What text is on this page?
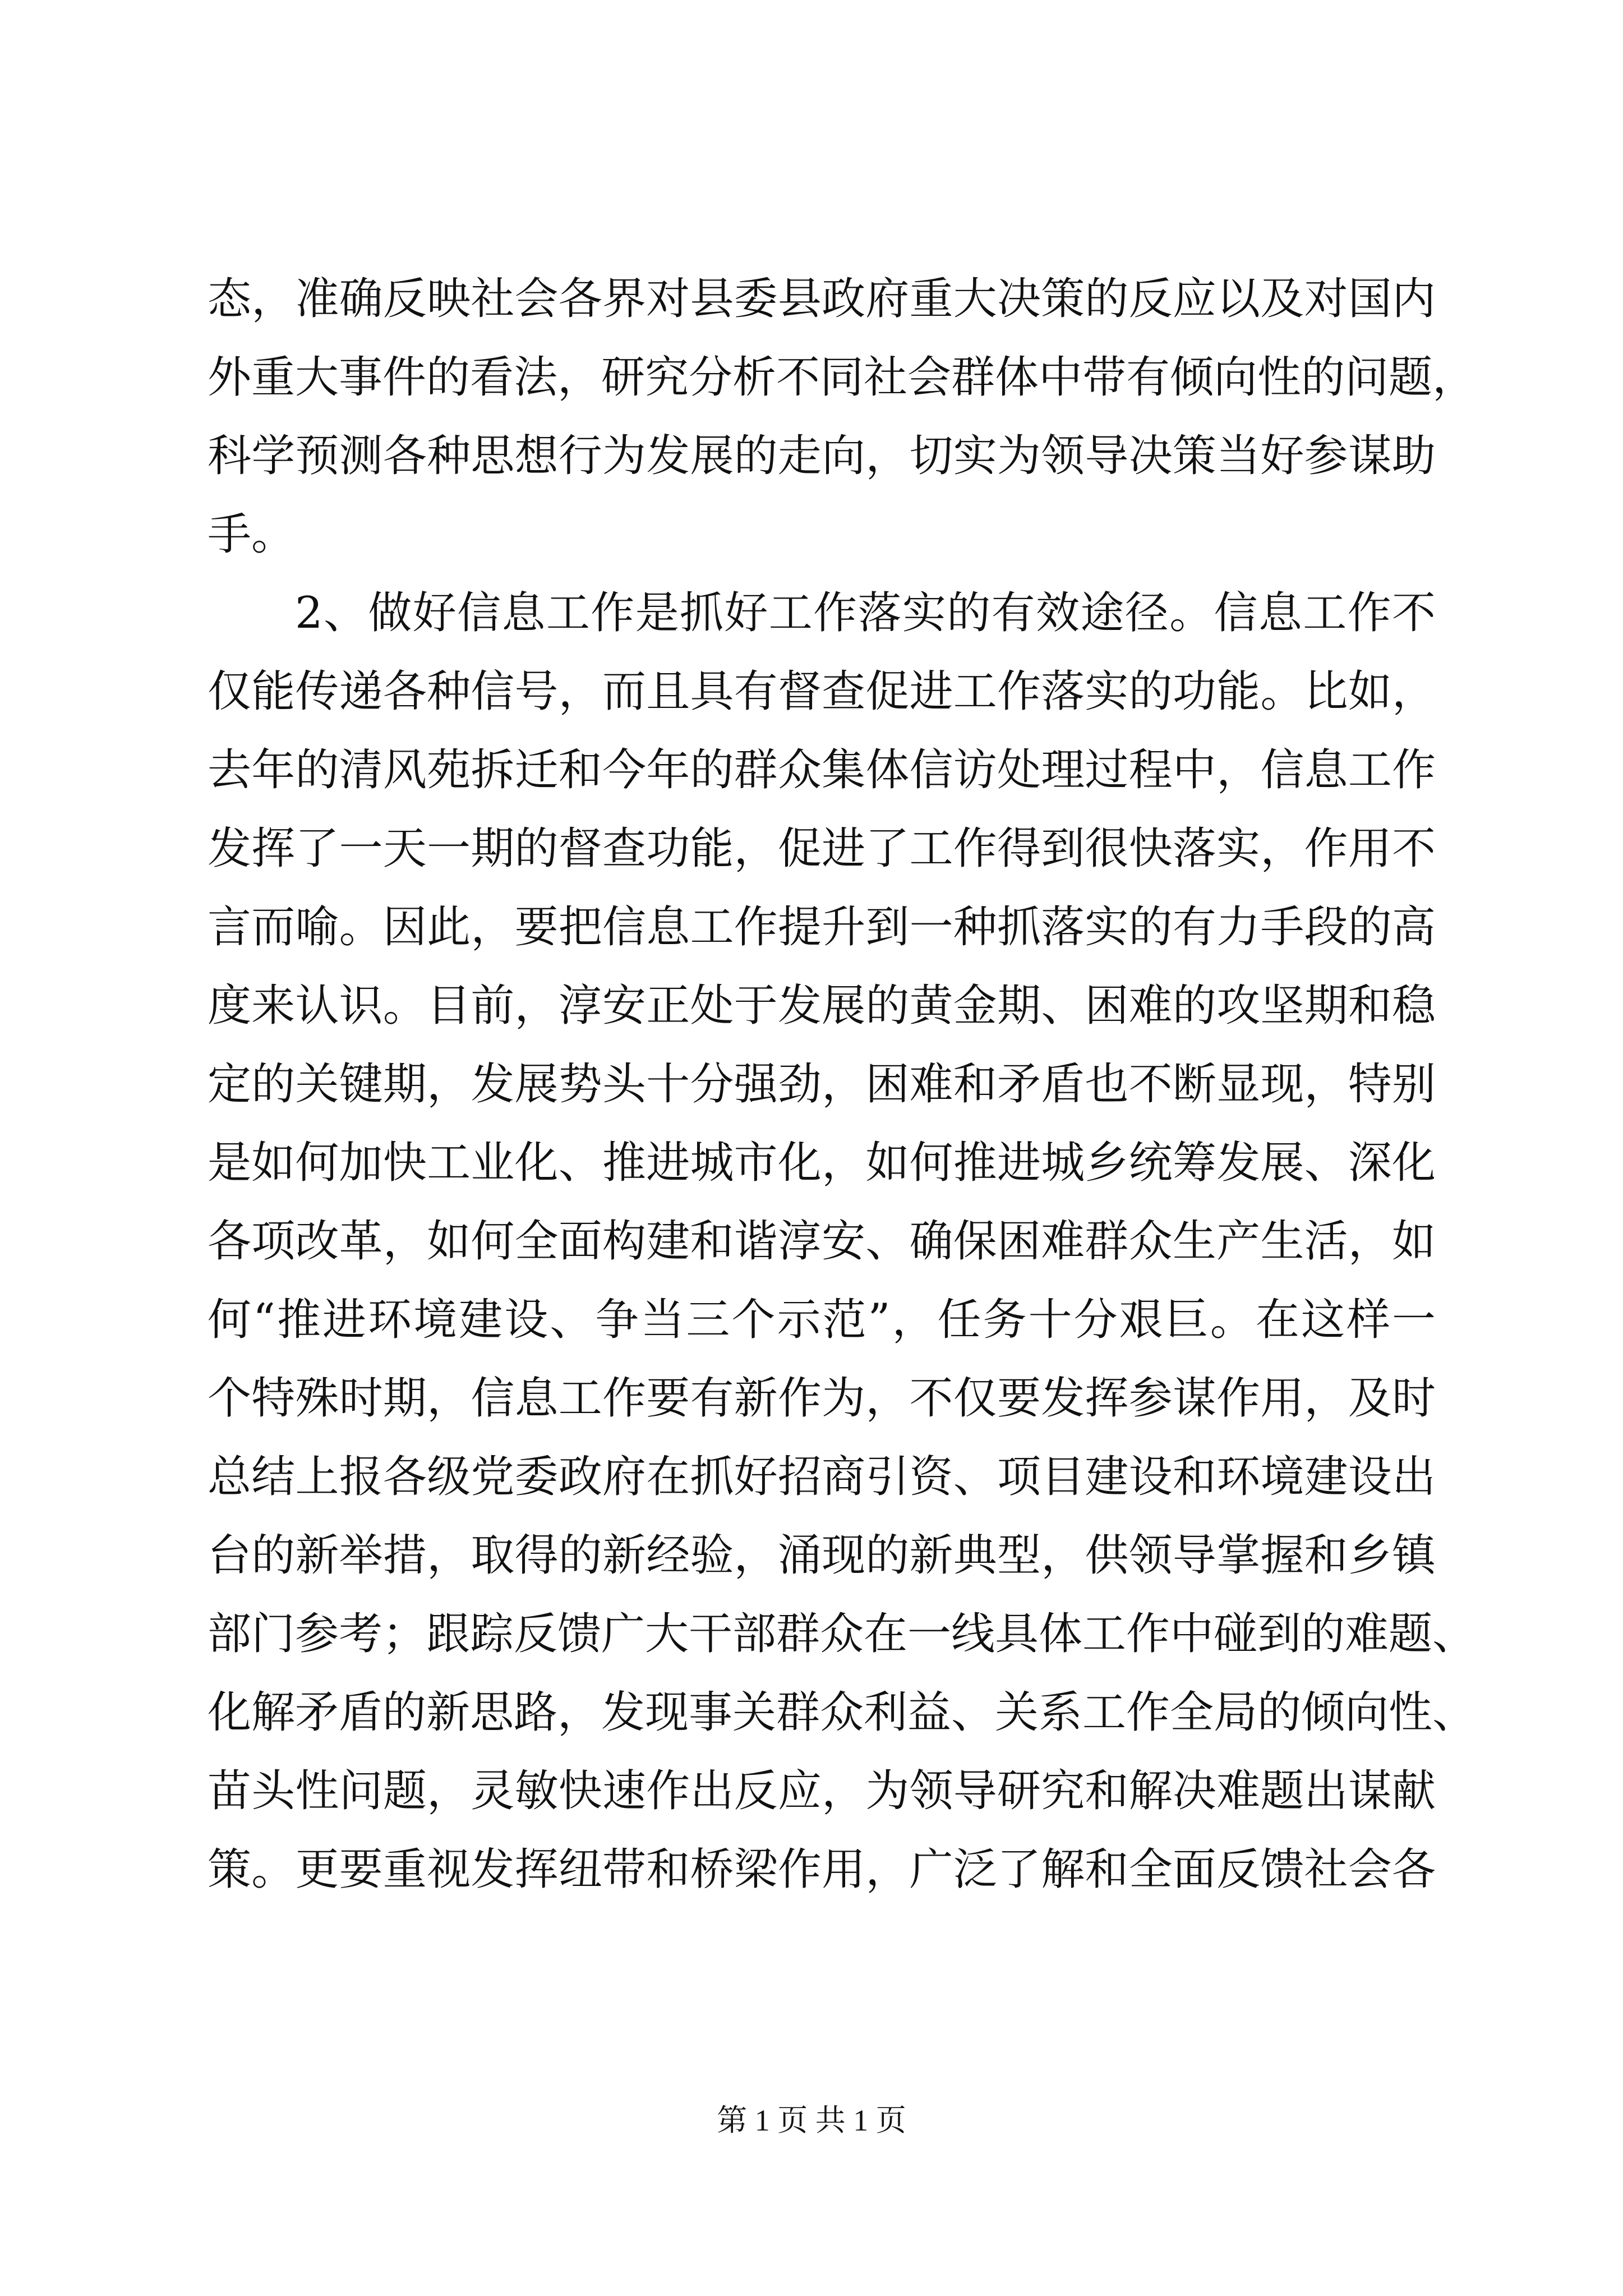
态，准确反映社会各界对县委县政府重大决策的反应以及对国内
外重大事件的看法，研究分析不同社会群体中带有倾向性的问题，
科学预测各种思想行为发展的走向，切实为领导决策当好参谋助
手。
2、做好信息工作是抓好工作落实的有效途径。信息工作不
仅能传递各种信号，而且具有督查促进工作落实的功能。比如，
去年的清风苑拆迁和今年的群众集体信访处理过程中，信息工作
发挥了一天一期的督查功能，促进了工作得到很快落实，作用不
言而喻。因此，要把信息工作提升到一种抓落实的有力手段的高
度来认识。目前，淳安正处于发展的黄金期、困难的攻坚期和稳
定的关键期，发展势头十分强劲，困难和矛盾也不断显现，特别
是如何加快工业化、推进城市化，如何推进城乡统筹发展、深化
各项改革，如何全面构建和谐淳安、确保困难群众生产生活，如
何“推进环境建设、争当三个示范”，任务十分艰巨。在这样一
个特殊时期，信息工作要有新作为，不仅要发挥参谋作用，及时
总结上报各级党委政府在抓好招商引资、项目建设和环境建设出
台的新举措，取得的新经验，涌现的新典型，供领导掌握和乡镇
部门参考；跟踪反馈广大干部群众在一线具体工作中碰到的难题、
化解矛盾的新思路，发现事关群众利益、关系工作全局的倾向性、
苗头性问题，灵敏快速作出反应，为领导研究和解决难题出谋献
策。更要重视发挥纽带和桥梁作用，广泛了解和全面反馈社会各
第 1 页 共 1 页
